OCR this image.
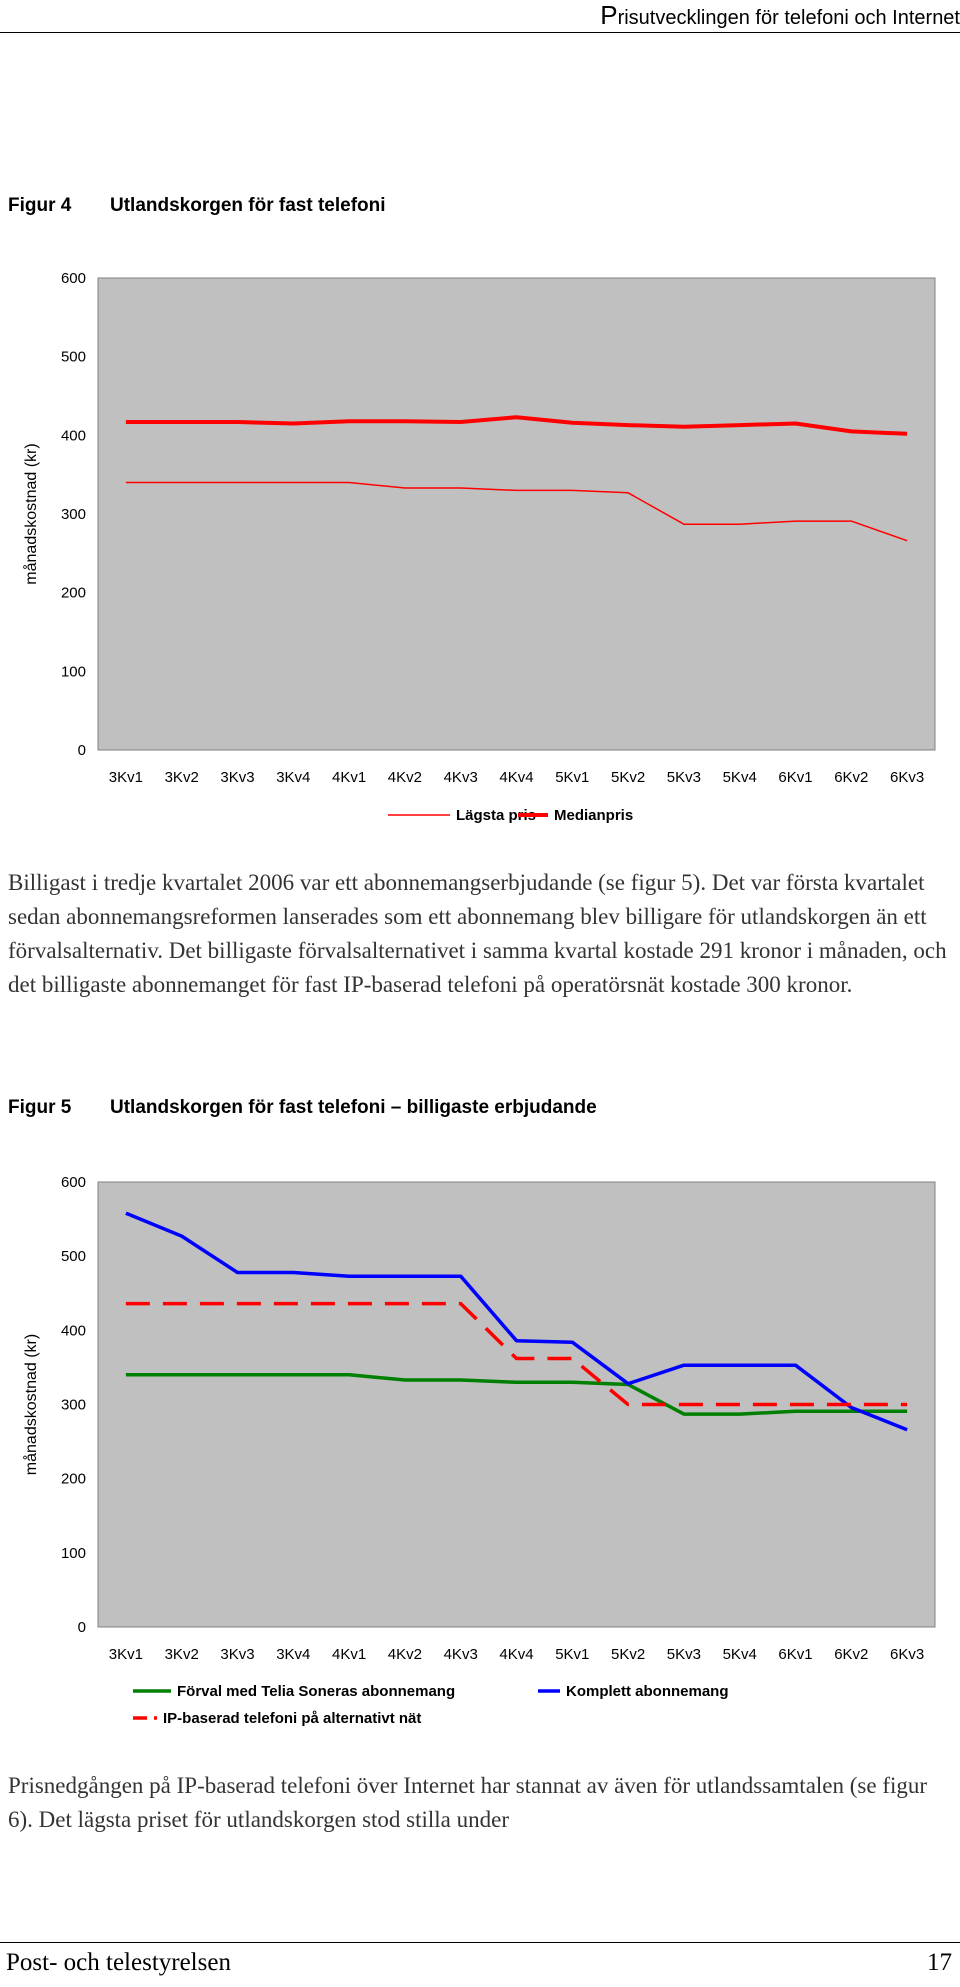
Prisutvecklingen för telefoni och Internet
Figur 4 Utlandskorgen för fast telefoni
0
100
200
300
400
500
600
månadskostnad (kr)
3Kv1 3Kv2 3Kv3 3Kv4 4Kv1 4Kv2 4Kv3 4Kv4 5Kv1 5Kv2 5Kv3 5Kv4 6Kv1 6Kv2 6Kv3
Lägsta pris Medianpris

Billigast i tredje kvartalet 2006 var ett abonnemangserbjudande (se figur 5). Det var första kvartalet sedan abonnemangsreformen lanserades som ett abonnemang blev billigare för utlandskorgen än ett förvalsalternativ. Det billigaste förvalsalternativet i samma kvartal kostade 291 kronor i månaden, och det billigaste abonnemanget för fast IP-baserad telefoni på operatörsnät kostade 300 kronor.

Figur 5 Utlandskorgen för fast telefoni – billigaste erbjudande
0
100
200
300
400
500
600
månadskostnad (kr)
3Kv1 3Kv2 3Kv3 3Kv4 4Kv1 4Kv2 4Kv3 4Kv4 5Kv1 5Kv2 5Kv3 5Kv4 6Kv1 6Kv2 6Kv3
Förval med Telia Soneras abonnemang	Komplett abonnemang
IP-baserad telefoni på alternativt nät

Prisnedgången på IP-baserad telefoni över Internet har stannat av även för utlandssamtalen (se figur 6). Det lägsta priset för utlandskorgen stod stilla under

Post- och telestyrelsen	17
